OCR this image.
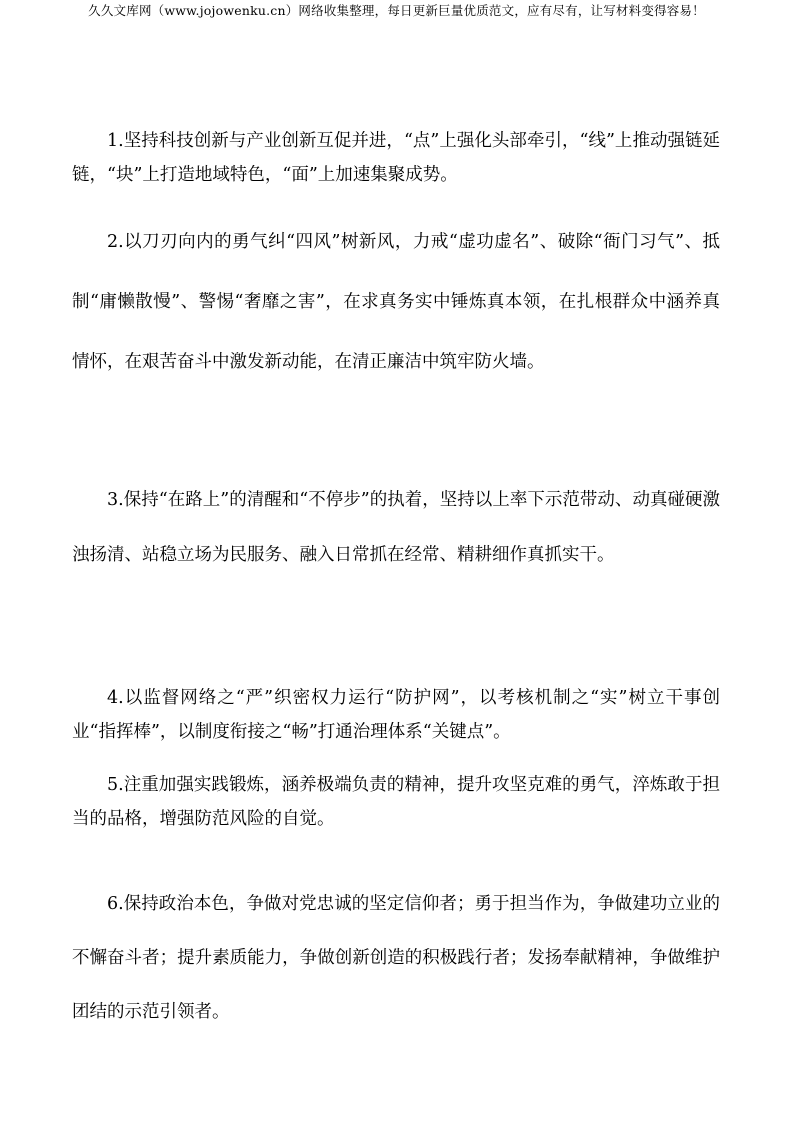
久久文库网（www.jojowenku.cn）网络收集整理，每日更新巨量优质范文，应有尽有，让写材料变得容易！

1.坚持科技创新与产业创新互促并进，“点”上强化头部牵引，“线”上推动强链延链，“块”上打造地域特色，“面”上加速集聚成势。

2.以刀刃向内的勇气纠“四风”树新风，力戒“虚功虚名”、破除“衙门习气”、抵制“庸懒散慢”、警惕“奢靡之害”，在求真务实中锤炼真本领，在扎根群众中涵养真情怀，在艰苦奋斗中激发新动能，在清正廉洁中筑牢防火墙。

3.保持“在路上”的清醒和“不停步”的执着，坚持以上率下示范带动、动真碰硬激浊扬清、站稳立场为民服务、融入日常抓在经常、精耕细作真抓实干。

4.以监督网络之“严”织密权力运行“防护网”，以考核机制之“实”树立干事创业“指挥棒”，以制度衔接之“畅”打通治理体系“关键点”。

5.注重加强实践锻炼，涵养极端负责的精神，提升攻坚克难的勇气，淬炼敢于担当的品格，增强防范风险的自觉。

6.保持政治本色，争做对党忠诚的坚定信仰者；勇于担当作为，争做建功立业的不懈奋斗者；提升素质能力，争做创新创造的积极践行者；发扬奉献精神，争做维护团结的示范引领者。
